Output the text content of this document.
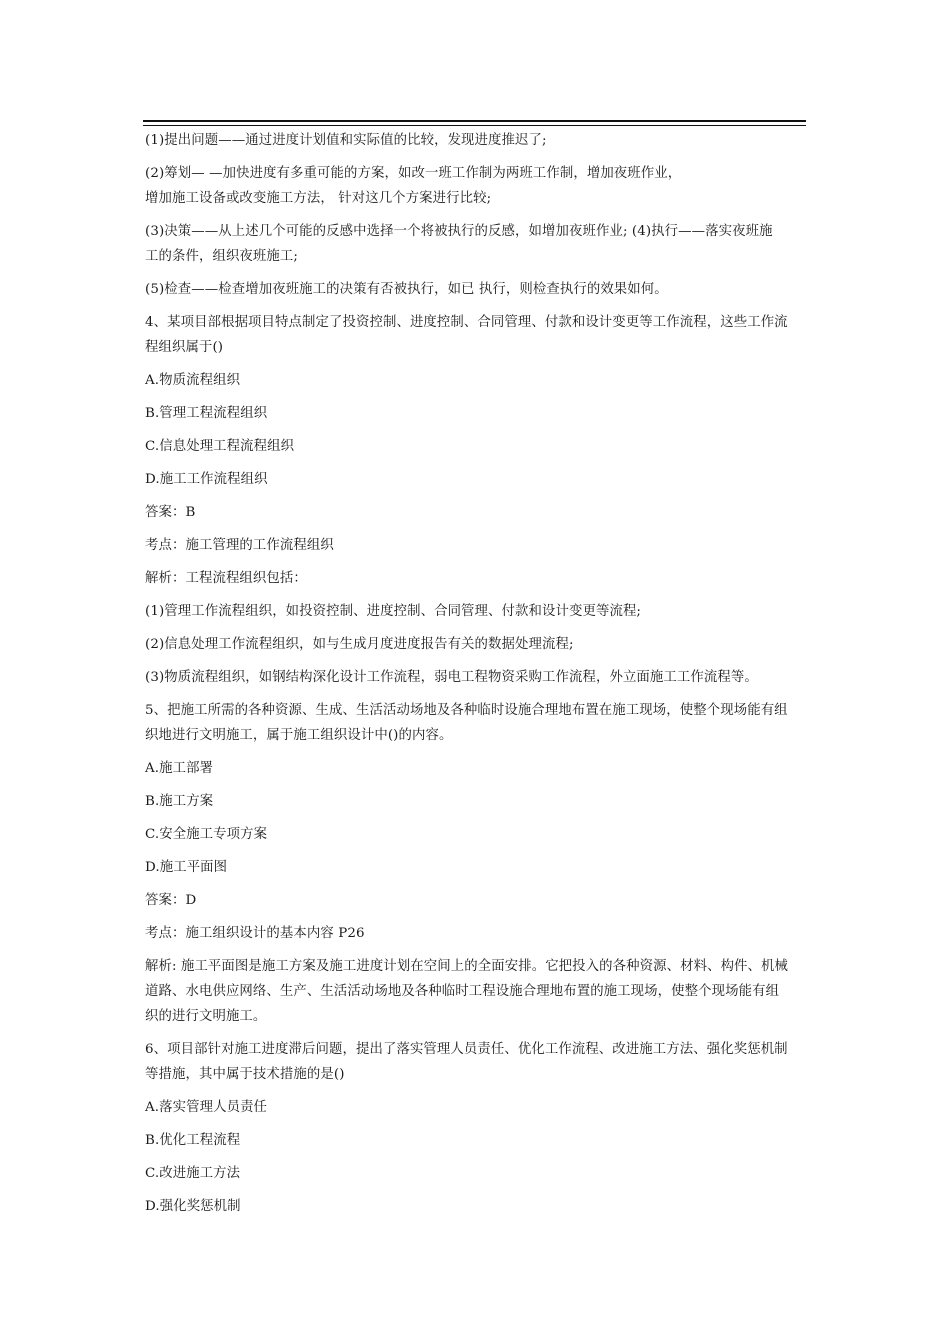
(1)提出问题——通过进度计划值和实际值的比较，发现进度推迟了;
(2)筹划— —加快进度有多重可能的方案，如改一班工作制为两班工作制，增加夜班作业，
增加施工设备或改变施工方法， 针对这几个方案进行比较;
(3)决策——从上述几个可能的反感中选择一个将被执行的反感，如增加夜班作业; (4)执行——落实夜班施
工的条件，组织夜班施工;
(5)检查——检查增加夜班施工的决策有否被执行，如已 执行，则检查执行的效果如何。
4、某项目部根据项目特点制定了投资控制、进度控制、合同管理、付款和设计变更等工作流程，这些工作流
程组织属于()
A.物质流程组织
B.管理工程流程组织
C.信息处理工程流程组织
D.施工工作流程组织
答案：B
考点：施工管理的工作流程组织
解析：工程流程组织包括：
(1)管理工作流程组织，如投资控制、进度控制、合同管理、付款和设计变更等流程;
(2)信息处理工作流程组织，如与生成月度进度报告有关的数据处理流程;
(3)物质流程组织，如钢结构深化设计工作流程，弱电工程物资采购工作流程，外立面施工工作流程等。
5、把施工所需的各种资源、生成、生活活动场地及各种临时设施合理地布置在施工现场，使整个现场能有组
织地进行文明施工，属于施工组织设计中()的内容。
A.施工部署
B.施工方案
C.安全施工专项方案
D.施工平面图
答案：D
考点：施工组织设计的基本内容 P26
解析: 施工平面图是施工方案及施工进度计划在空间上的全面安排。它把投入的各种资源、材料、构件、机械
道路、水电供应网络、生产、生活活动场地及各种临时工程设施合理地布置的施工现场，使整个现场能有组
织的进行文明施工。
6、项目部针对施工进度滞后问题，提出了落实管理人员责任、优化工作流程、改进施工方法、强化奖惩机制
等措施，其中属于技术措施的是()
A.落实管理人员责任
B.优化工程流程
C.改进施工方法
D.强化奖惩机制
